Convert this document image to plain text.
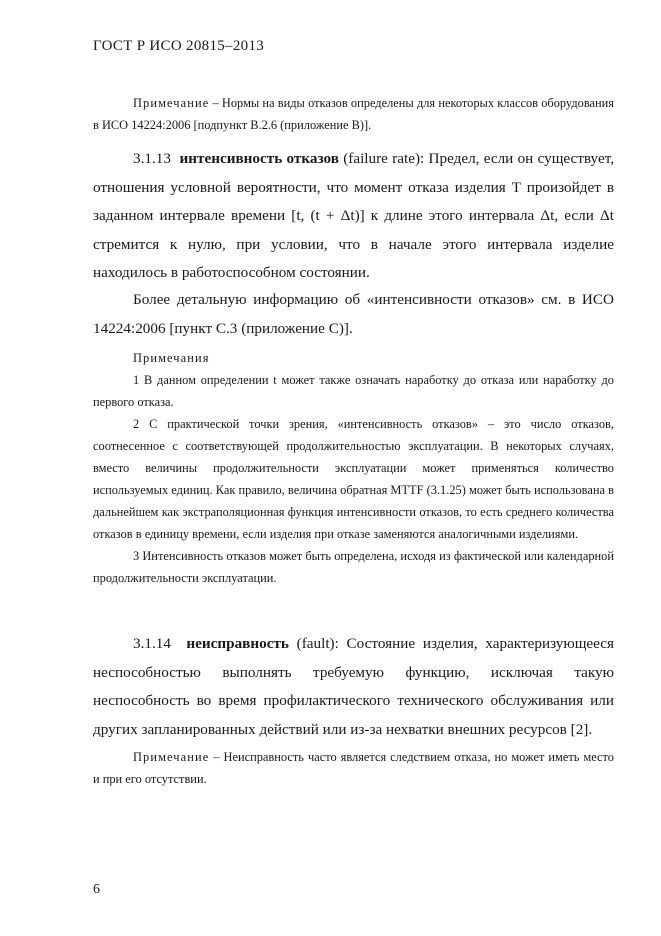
ГОСТ Р ИСО 20815–2013

Примечание – Нормы на виды отказов определены для некоторых классов оборудования в ИСО 14224:2006 [подпункт В.2.6 (приложение В)].

3.1.13 интенсивность отказов (failure rate): Предел, если он существует, отношения условной вероятности, что момент отказа изделия T произойдет в заданном интервале времени [t, (t + Δt)] к длине этого интервала Δt, если Δt стремится к нулю, при условии, что в начале этого интервала изделие находилось в работоспособном состоянии.

Более детальную информацию об «интенсивности отказов» см. в ИСО 14224:2006 [пункт С.3 (приложение С)].

Примечания

1 В данном определении t может также означать наработку до отказа или наработку до первого отказа.

2 С практической точки зрения, «интенсивность отказов» – это число отказов, соотнесенное с соответствующей продолжительностью эксплуатации. В некоторых случаях, вместо величины продолжительности эксплуатации может применяться количество используемых единиц. Как правило, величина обратная MTTF (3.1.25) может быть использована в дальнейшем как экстраполяционная функция интенсивности отказов, то есть среднего количества отказов в единицу времени, если изделия при отказе заменяются аналогичными изделиями.

3 Интенсивность отказов может быть определена, исходя из фактической или календарной продолжительности эксплуатации.

3.1.14 неисправность (fault): Состояние изделия, характеризующееся неспособностью выполнять требуемую функцию, исключая такую неспособность во время профилактического технического обслуживания или других запланированных действий или из-за нехватки внешних ресурсов [2].

Примечание – Неисправность часто является следствием отказа, но может иметь место и при его отсутствии.

6
